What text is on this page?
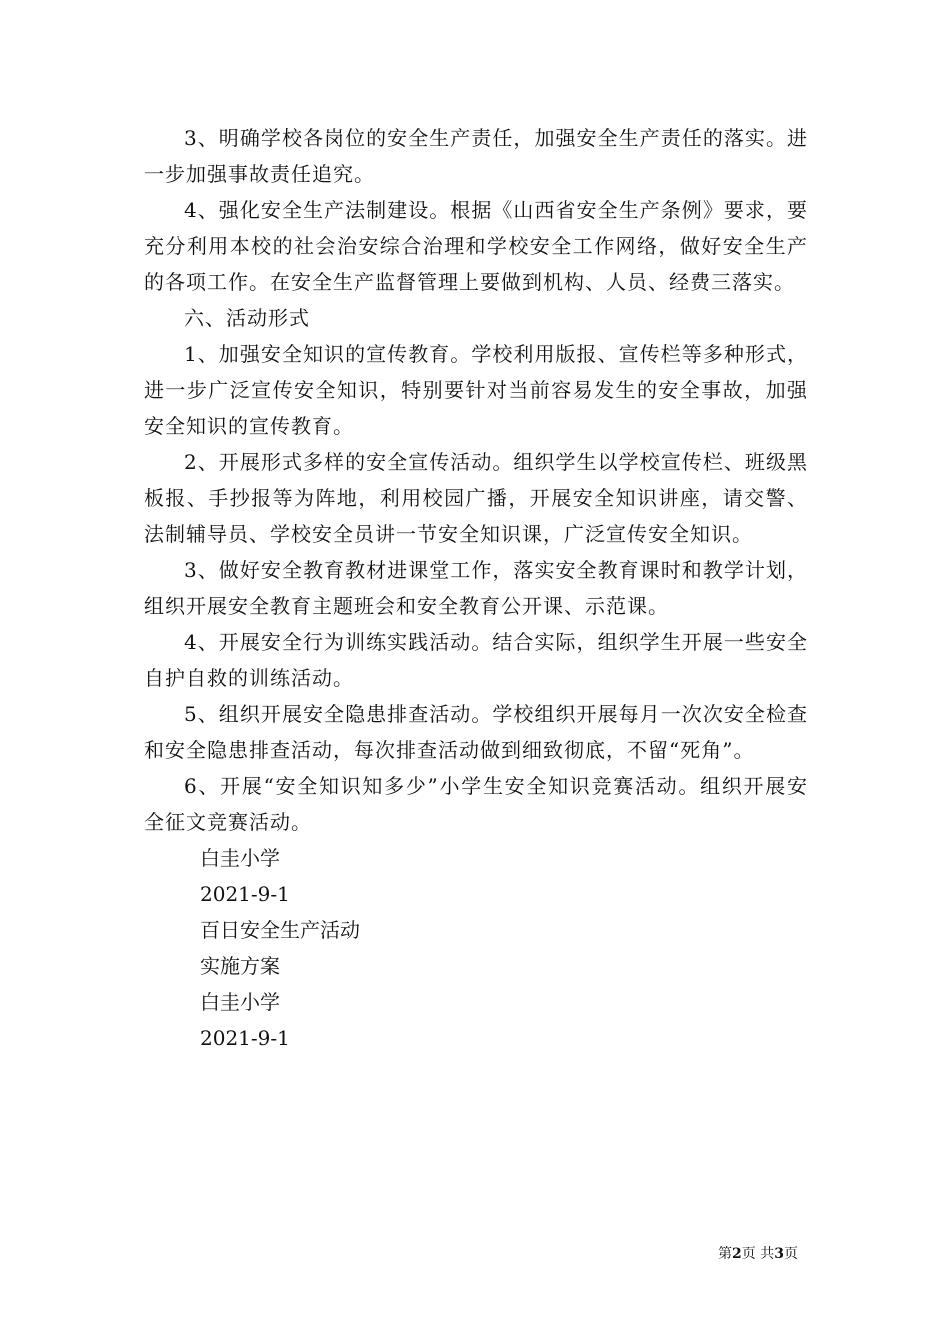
3、明确学校各岗位的安全生产责任，加强安全生产责任的落实。进一步加强事故责任追究。

4、强化安全生产法制建设。根据《山西省安全生产条例》要求，要充分利用本校的社会治安综合治理和学校安全工作网络，做好安全生产的各项工作。在安全生产监督管理上要做到机构、人员、经费三落实。

六、活动形式

1、加强安全知识的宣传教育。学校利用版报、宣传栏等多种形式，进一步广泛宣传安全知识，特别要针对当前容易发生的安全事故，加强安全知识的宣传教育。

2、开展形式多样的安全宣传活动。组织学生以学校宣传栏、班级黑板报、手抄报等为阵地，利用校园广播，开展安全知识讲座，请交警、法制辅导员、学校安全员讲一节安全知识课，广泛宣传安全知识。

3、做好安全教育教材进课堂工作，落实安全教育课时和教学计划，组织开展安全教育主题班会和安全教育公开课、示范课。

4、开展安全行为训练实践活动。结合实际，组织学生开展一些安全自护自救的训练活动。

5、组织开展安全隐患排查活动。学校组织开展每月一次次安全检查和安全隐患排查活动，每次排查活动做到细致彻底，不留“死角”。

6、开展“安全知识知多少”小学生安全知识竞赛活动。组织开展安全征文竞赛活动。

白圭小学

2021-9-1

百日安全生产活动

实施方案

白圭小学

2021-9-1

第2页 共3页
